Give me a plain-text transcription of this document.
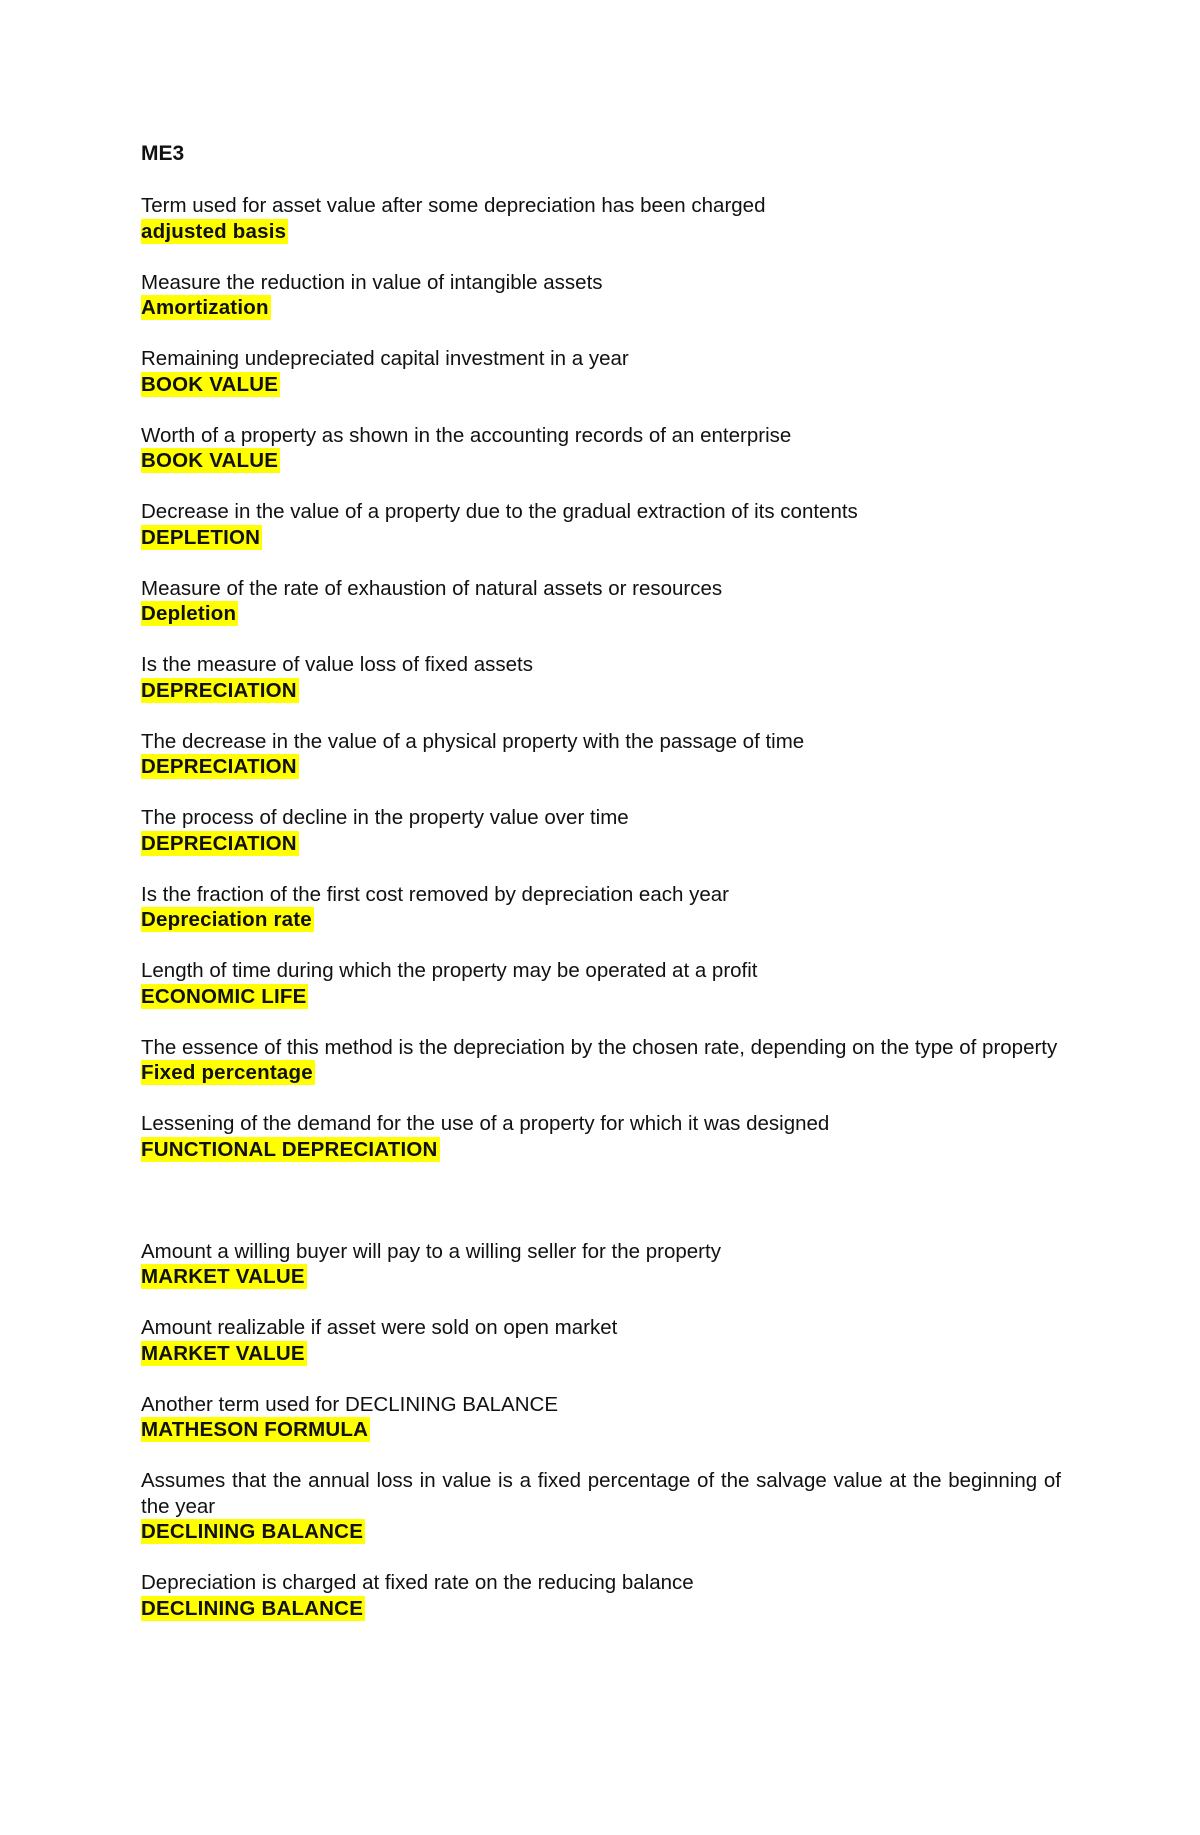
ME3
Term used for asset value after some depreciation has been charged
adjusted basis
Measure the reduction in value of intangible assets
Amortization
Remaining undepreciated capital investment in a year
BOOK VALUE
Worth of a property as shown in the accounting records of an enterprise
BOOK VALUE
Decrease in the value of a property due to the gradual extraction of its contents
DEPLETION
Measure of the rate of exhaustion of natural assets or resources
Depletion
Is the measure of value loss of fixed assets
DEPRECIATION
The decrease in the value of a physical property with the passage of time
DEPRECIATION
The process of decline in the property value over time
DEPRECIATION
Is the fraction of the first cost removed by depreciation each year
Depreciation rate
Length of time during which the property may be operated at a profit
ECONOMIC LIFE
The essence of this method is the depreciation by the chosen rate, depending on the type of property
Fixed percentage
Lessening of the demand for the use of a property for which it was designed
FUNCTIONAL DEPRECIATION
Amount a willing buyer will pay to a willing seller for the property
MARKET VALUE
Amount realizable if asset were sold on open market
MARKET VALUE
Another term used for DECLINING BALANCE
MATHESON FORMULA
Assumes that the annual loss in value is a fixed percentage of the salvage value at the beginning of the year
DECLINING BALANCE
Depreciation is charged at fixed rate on the reducing balance
DECLINING BALANCE
